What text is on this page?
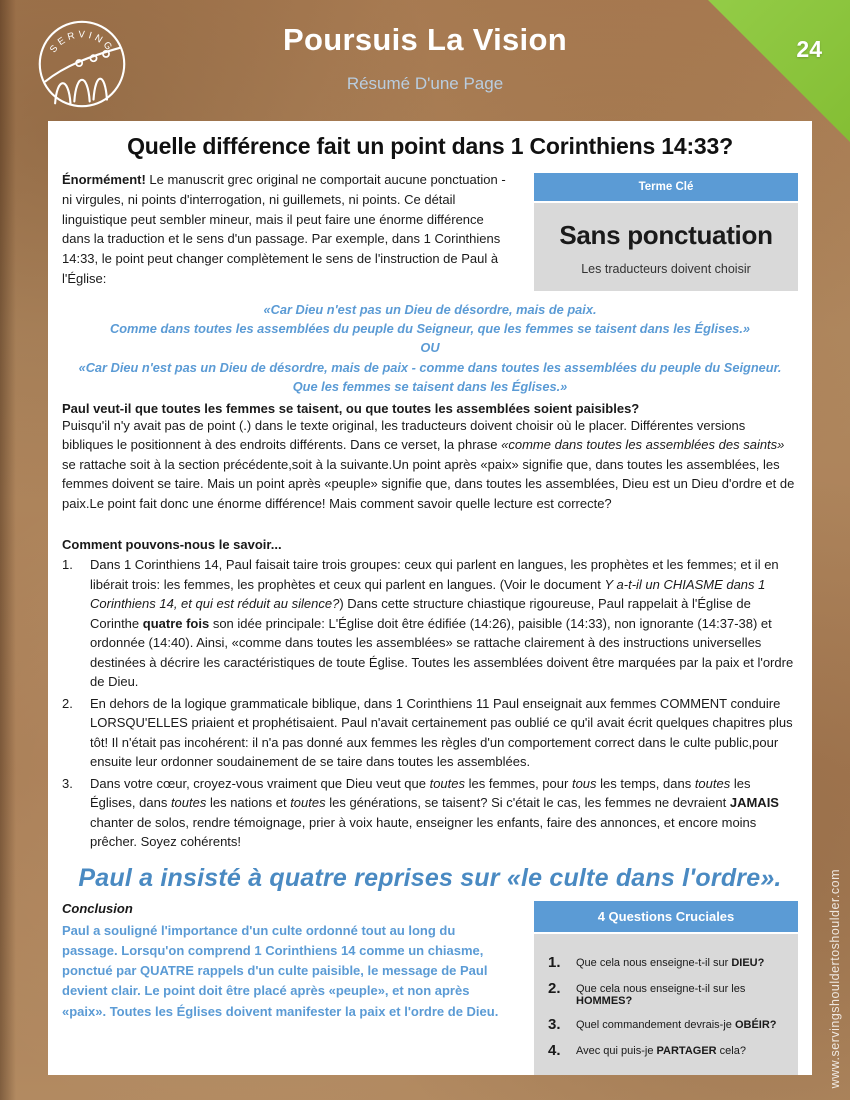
24
SERVING	Poursuis La Vision
Résumé D'une Page
Quelle différence fait un point dans 1 Corinthiens 14:33?
Énormément! Le manuscrit grec original ne comportait aucune ponctuation - ni virgules, ni points d'interrogation, ni guillemets, ni points. Ce détail linguistique peut sembler mineur, mais il peut faire une énorme différence dans la traduction et le sens d'un passage. Par exemple, dans 1 Corinthiens 14:33, le point peut changer complètement le sens de l'instruction de Paul à l'Église:
Terme Clé
Sans ponctuation
Les traducteurs doivent choisir
«Car Dieu n'est pas un Dieu de désordre, mais de paix.
Comme dans toutes les assemblées du peuple du Seigneur, que les femmes se taisent dans les Églises.»
OU
«Car Dieu n'est pas un Dieu de désordre, mais de paix - comme dans toutes les assemblées du peuple du Seigneur.
Que les femmes se taisent dans les Églises.»
Paul veut-il que toutes les femmes se taisent, ou que toutes les assemblées soient paisibles?
Puisqu'il n'y avait pas de point (.) dans le texte original, les traducteurs doivent choisir où le placer. Différentes versions bibliques le positionnent à des endroits différents. Dans ce verset, la phrase «comme dans toutes les assemblées des saints» se rattache soit à la section précédente,soit à la suivante.Un point après «paix» signifie que, dans toutes les assemblées, les femmes doivent se taire. Mais un point après «peuple» signifie que, dans toutes les assemblées, Dieu est un Dieu d'ordre et de paix.Le point fait donc une énorme différence! Mais comment savoir quelle lecture est correcte?
Comment pouvons-nous le savoir...
1.	Dans 1 Corinthiens 14, Paul faisait taire trois groupes: ceux qui parlent en langues, les prophètes et les femmes; et il en libérait trois: les femmes, les prophètes et ceux qui parlent en langues. (Voir le document Y a-t-il un CHIASME dans 1 Corinthiens 14, et qui est réduit au silence?) Dans cette structure chiastique rigoureuse, Paul rappelait à l'Église de Corinthe quatre fois son idée principale: L'Église doit être édifiée (14:26), paisible (14:33), non ignorante (14:37-38) et ordonnée (14:40). Ainsi, «comme dans toutes les assemblées» se rattache clairement à des instructions universelles destinées à décrire les caractéristiques de toute Église. Toutes les assemblées doivent être marquées par la paix et l'ordre de Dieu.
2.	En dehors de la logique grammaticale biblique, dans 1 Corinthiens 11 Paul enseignait aux femmes COMMENT conduire LORSQU'ELLES priaient et prophétisaient. Paul n'avait certainement pas oublié ce qu'il avait écrit quelques chapitres plus tôt! Il n'était pas incohérent: il n'a pas donné aux femmes les règles d'un comportement correct dans le culte public,pour ensuite leur ordonner soudainement de se taire dans toutes les assemblées.
3.	Dans votre cœur, croyez-vous vraiment que Dieu veut que toutes les femmes, pour tous les temps, dans toutes les Églises, dans toutes les nations et toutes les générations, se taisent? Si c'était le cas, les femmes ne devraient JAMAIS chanter de solos, rendre témoignage, prier à voix haute, enseigner les enfants, faire des annonces, et encore moins prêcher. Soyez cohérents!
Paul a insisté à quatre reprises sur «le culte dans l'ordre».
Conclusion
Paul a souligné l'importance d'un culte ordonné tout au long du passage. Lorsqu'on comprend 1 Corinthiens 14 comme un chiasme, ponctué par QUATRE rappels d'un culte paisible, le message de Paul devient clair. Le point doit être placé après «peuple», et non après «paix». Toutes les Églises doivent manifester la paix et l'ordre de Dieu.
4 Questions Cruciales
1.	Que cela nous enseigne-t-il sur DIEU?
2.	Que cela nous enseigne-t-il sur les HOMMES?
3.	Quel commandement devrais-je OBÉIR?
4.	Avec qui puis-je PARTAGER cela?	www.servingshouldertoshoulder.com
